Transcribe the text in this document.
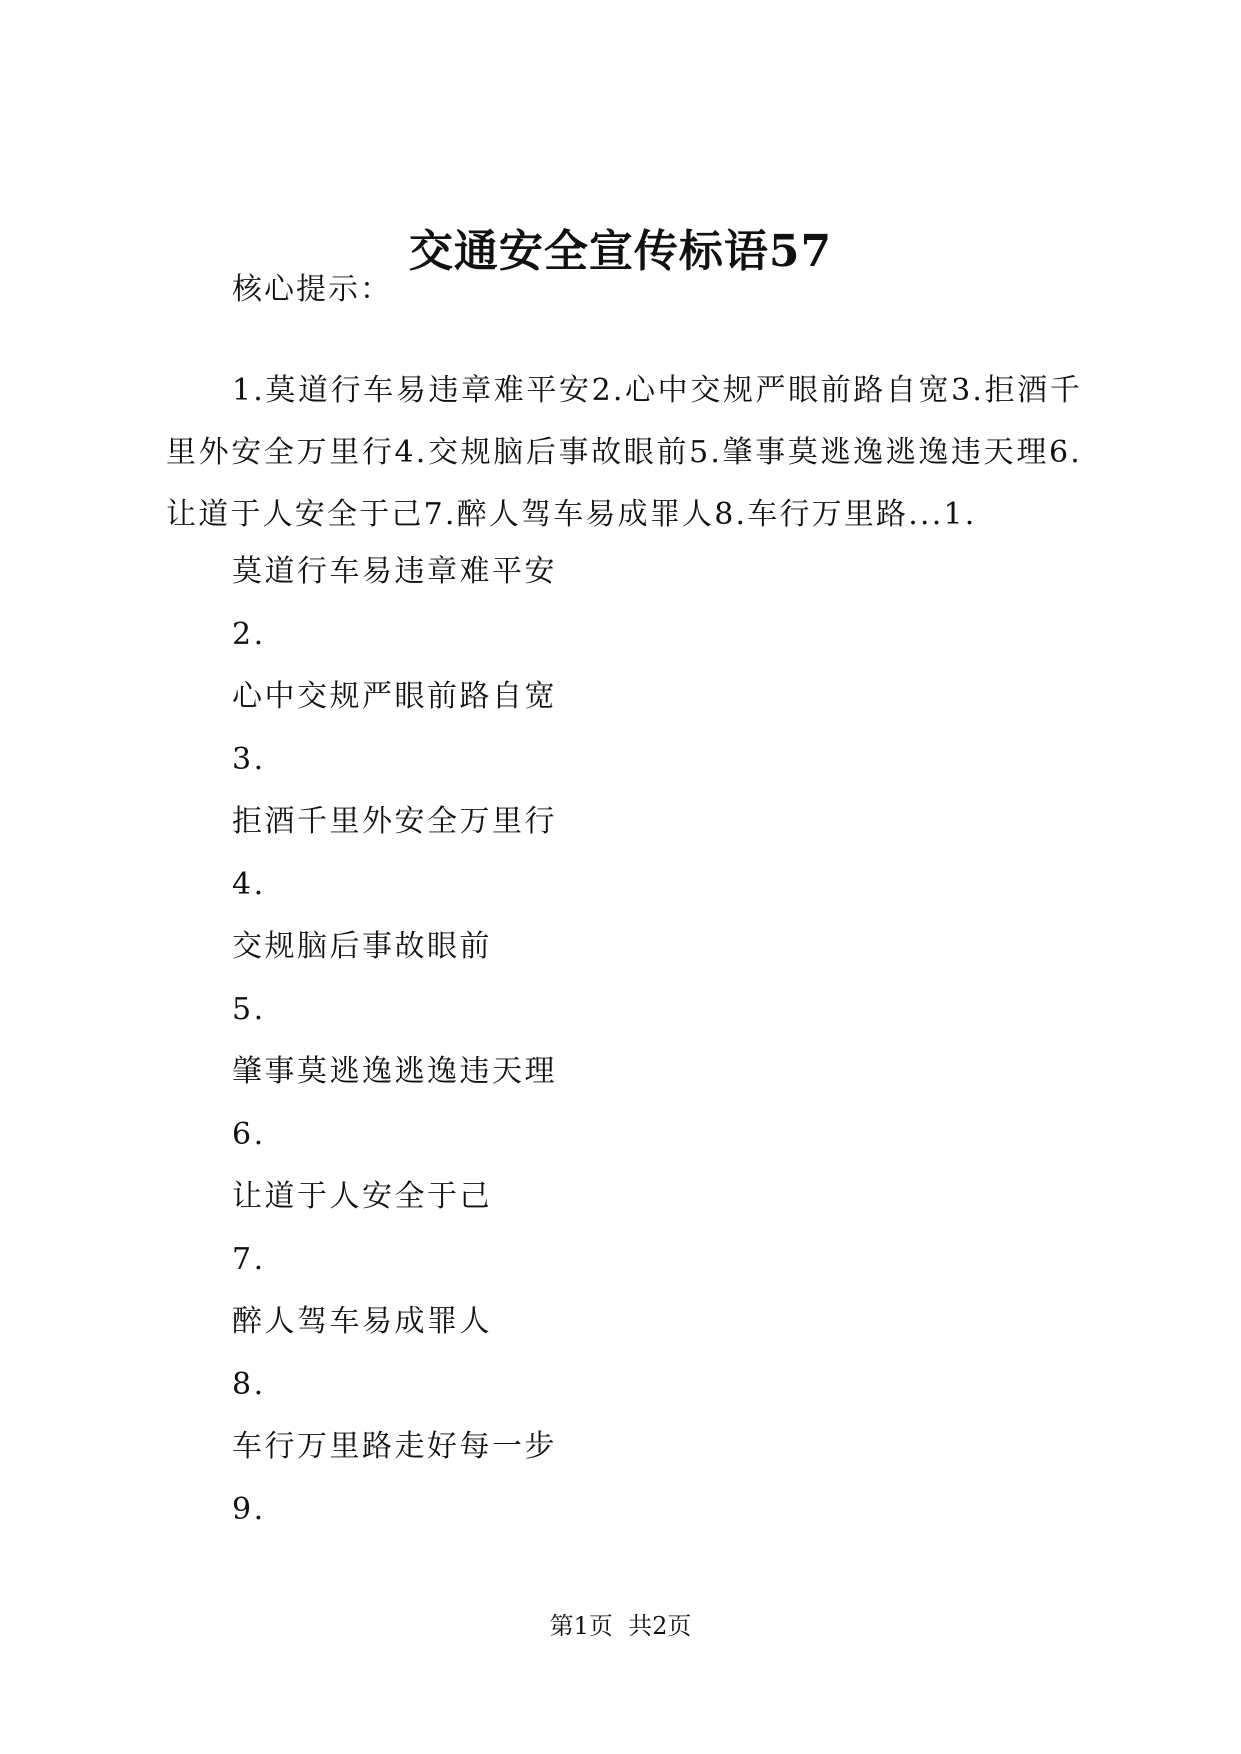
交通安全宣传标语57

核心提示：

1.莫道行车易违章难平安2.心中交规严眼前路自宽3.拒酒千里外安全万里行4.交规脑后事故眼前5.肇事莫逃逸逃逸违天理6.让道于人安全于己7.醉人驾车易成罪人8.车行万里路...1.

莫道行车易违章难平安
2.
心中交规严眼前路自宽
3.
拒酒千里外安全万里行
4.
交规脑后事故眼前
5.
肇事莫逃逸逃逸违天理
6.
让道于人安全于己
7.
醉人驾车易成罪人
8.
车行万里路走好每一步
9.
第1页 共2页
